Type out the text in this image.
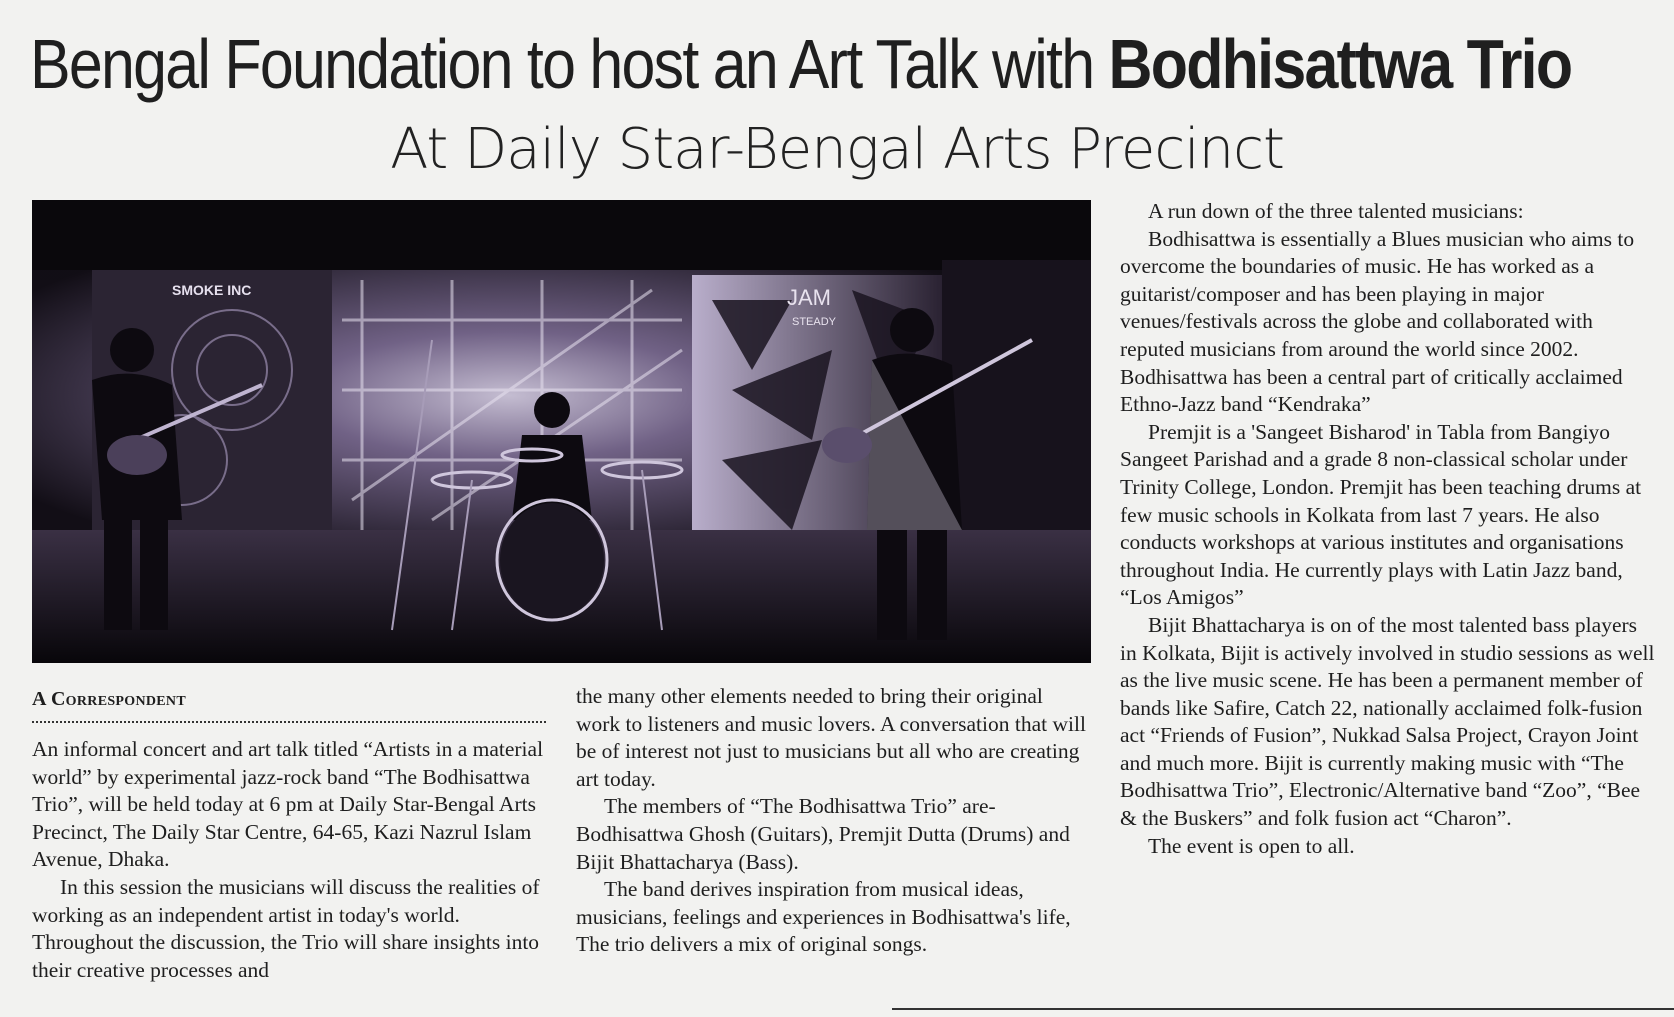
Bengal Foundation to host an Art Talk with Bodhisattwa Trio
At Daily Star-Bengal Arts Precinct
SMOKE INC	JAM
STEADY
A Correspondent

An informal concert and art talk titled “Artists in a material world” by experimental jazz-rock band “The Bodhisattwa Trio”, will be held today at 6 pm at Daily Star-Bengal Arts Precinct, The Daily Star Centre, 64-65, Kazi Nazrul Islam Avenue, Dhaka.

In this session the musicians will discuss the realities of working as an independent artist in today's world. Throughout the discussion, the Trio will share insights into their creative processes and

the many other elements needed to bring their original work to listeners and music lovers. A conversation that will be of interest not just to musicians but all who are creating art today.

The members of “The Bodhisattwa Trio” are- Bodhisattwa Ghosh (Guitars), Premjit Dutta (Drums) and Bijit Bhattacharya (Bass).

The band derives inspiration from musical ideas, musicians, feelings and experiences in Bodhisattwa's life, The trio delivers a mix of original songs.

A run down of the three talented musicians:

Bodhisattwa is essentially a Blues musician who aims to overcome the boundaries of music. He has worked as a guitarist/composer and has been playing in major venues/festivals across the globe and collaborated with reputed musicians from around the world since 2002. Bodhisattwa has been a central part of critically acclaimed Ethno-Jazz band “Kendraka”

Premjit is a 'Sangeet Bisharod' in Tabla from Bangiyo Sangeet Parishad and a grade 8 non-classical scholar under Trinity College, London. Premjit has been teaching drums at few music schools in Kolkata from last 7 years. He also conducts workshops at various institutes and organisations throughout India. He currently plays with Latin Jazz band, “Los Amigos”

Bijit Bhattacharya is on of the most talented bass players in Kolkata, Bijit is actively involved in studio sessions as well as the live music scene. He has been a permanent member of bands like Safire, Catch 22, nationally acclaimed folk-fusion act “Friends of Fusion”, Nukkad Salsa Project, Crayon Joint and much more. Bijit is currently making music with “The Bodhisattwa Trio”, Electronic/Alternative band “Zoo”, “Bee & the Buskers” and folk fusion act “Charon”.

The event is open to all.
